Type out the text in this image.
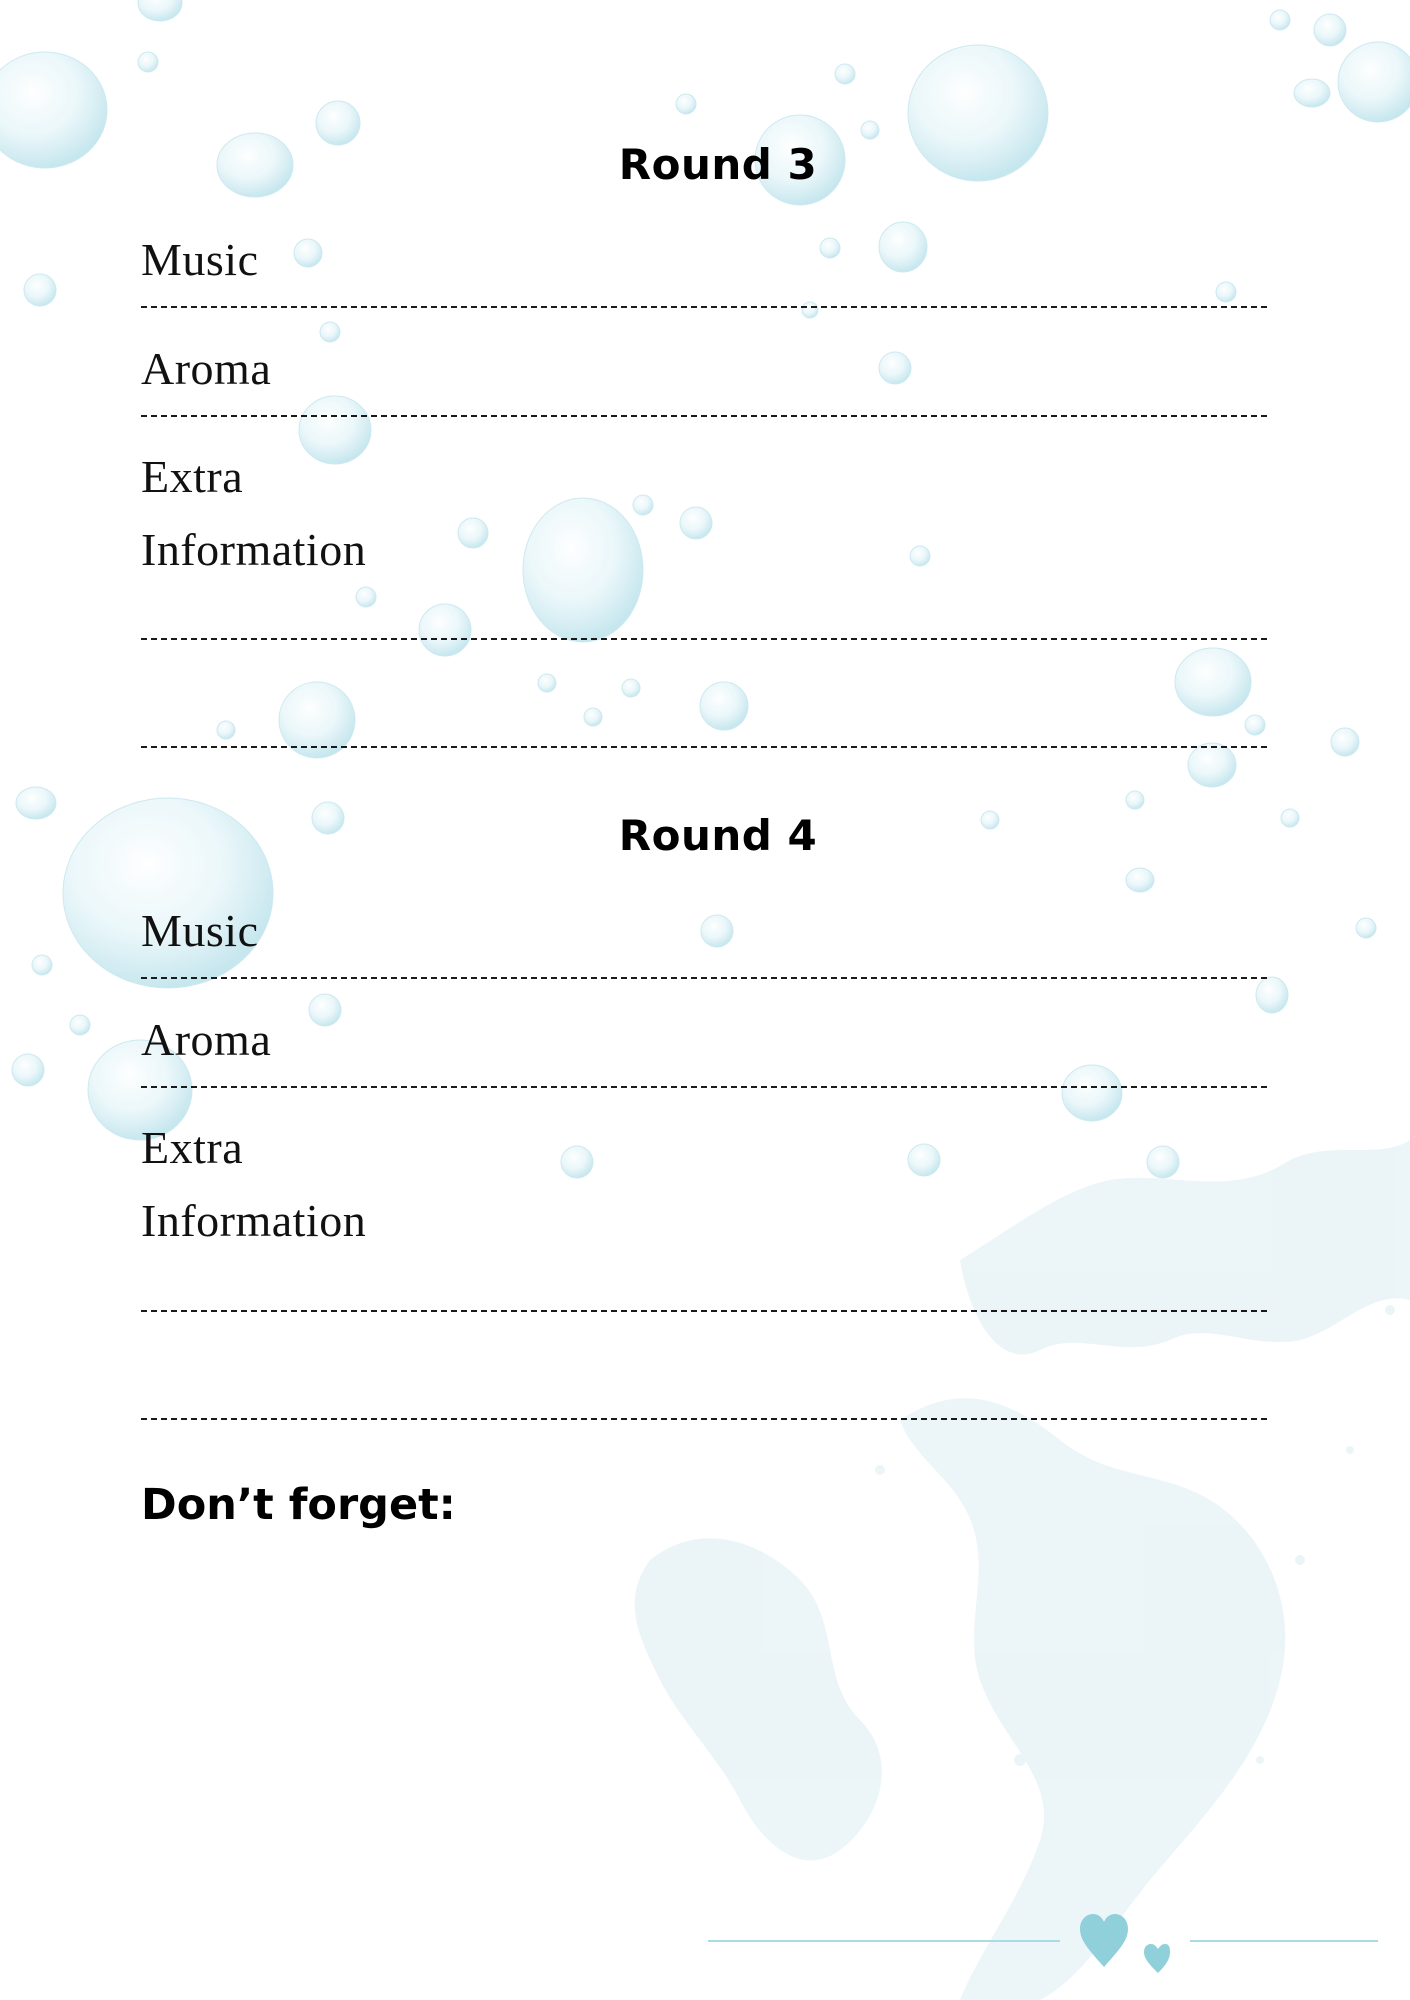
Round 3
Music
Aroma
Extra
Information
Round 4
Music
Aroma
Extra
Information
Don’t forget:
